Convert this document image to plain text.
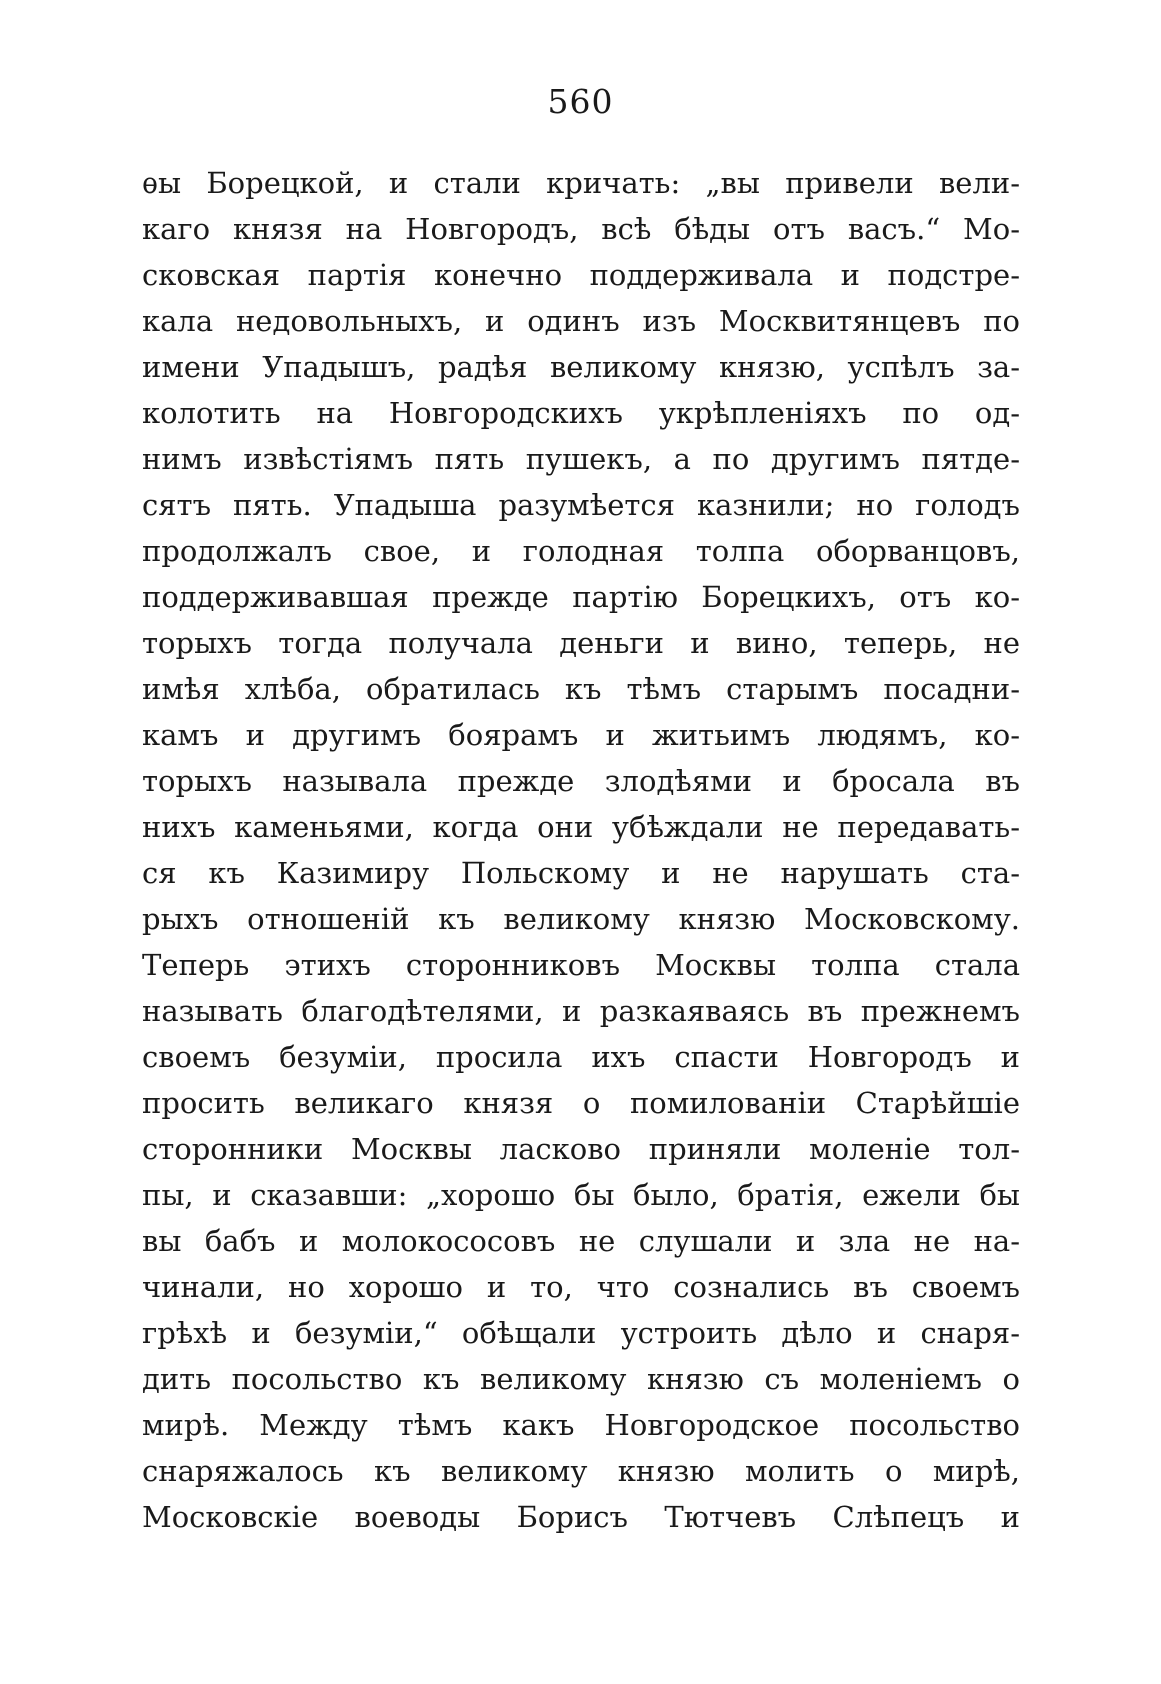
560
ѳы Борецкой, и стали кричать: „вы привели вели-
каго князя на Новгородъ, всѣ бѣды отъ васъ.“ Мо-
сковская партія конечно поддерживала и подстре-
кала недовольныхъ, и одинъ изъ Москвитянцевъ по
имени Упадышъ, радѣя великому князю, успѣлъ за-
колотить на Новгородскихъ укрѣпленіяхъ по од-
нимъ извѣстіямъ пять пушекъ, а по другимъ пятде-
сятъ пять. Упадыша разумѣется казнили; но голодъ
продолжалъ свое, и голодная толпа оборванцовъ,
поддерживавшая прежде партію Борецкихъ, отъ ко-
торыхъ тогда получала деньги и вино, теперь, не
имѣя хлѣба, обратилась къ тѣмъ старымъ посадни-
камъ и другимъ боярамъ и житьимъ людямъ, ко-
торыхъ называла прежде злодѣями и бросала въ
нихъ каменьями, когда они убѣждали не передавать-
ся къ Казимиру Польскому и не нарушать ста-
рыхъ отношеній къ великому князю Московскому.
Теперь этихъ сторонниковъ Москвы толпа стала
называть благодѣтелями, и разкаяваясь въ прежнемъ
своемъ безуміи, просила ихъ спасти Новгородъ и
просить великаго князя о помилованіи Старѣйшіе
сторонники Москвы ласково приняли моленіе тол-
пы, и сказавши: „хорошо бы было, братія, ежели бы
вы бабъ и молокососовъ не слушали и зла не на-
чинали, но хорошо и то, что сознались въ своемъ
грѣхѣ и безуміи,“ обѣщали устроить дѣло и снаря-
дить посольство къ великому князю съ моленіемъ о
мирѣ. Между тѣмъ какъ Новгородское посольство
снаряжалось къ великому князю молить о мирѣ,
Московскіе воеводы Борисъ Тютчевъ Слѣпецъ и
